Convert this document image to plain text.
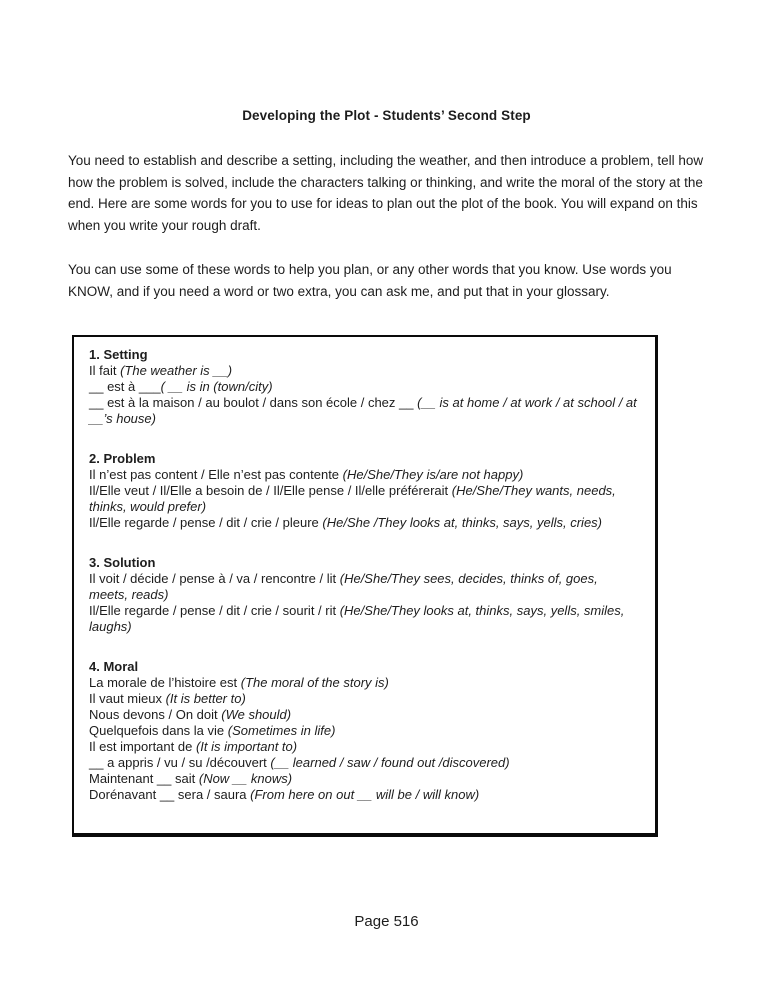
Developing the Plot - Students’ Second Step

You need to establish and describe a setting, including the weather, and then introduce a problem, tell how how the problem is solved, include the characters talking or thinking, and write the moral of the story at the end. Here are some words for you to use for ideas to plan out the plot of the book. You will expand on this when you write your rough draft.

You can use some of these words to help you plan, or any other words that you know. Use words you KNOW, and if you need a word or two extra, you can ask me, and put that in your glossary.

1. Setting
Il fait (The weather is __)
__ est à ___( __ is in (town/city)
__ est à la maison / au boulot / dans son école / chez __ (__ is at home / at work / at school / at __’s house)
2. Problem
Il n’est pas content / Elle n’est pas contente (He/She/They is/are not happy)
Il/Elle veut / Il/Elle a besoin de / Il/Elle pense / Il/elle préférerait (He/She/They wants, needs, thinks, would prefer)
Il/Elle regarde / pense / dit / crie / pleure (He/She /They looks at, thinks, says, yells, cries)
3. Solution
Il voit / décide / pense à / va / rencontre / lit (He/She/They sees, decides, thinks of, goes, meets, reads)
Il/Elle regarde / pense / dit / crie / sourit / rit (He/She/They looks at, thinks, says, yells, smiles, laughs)
4. Moral
La morale de l’histoire est (The moral of the story is)
Il vaut mieux (It is better to)
Nous devons / On doit (We should)
Quelquefois dans la vie (Sometimes in life)
Il est important de (It is important to)
__ a appris / vu / su /découvert (__ learned / saw / found out /discovered)
Maintenant __ sait (Now __ knows)
Dorénavant __ sera / saura (From here on out __ will be / will know)
Page 516
